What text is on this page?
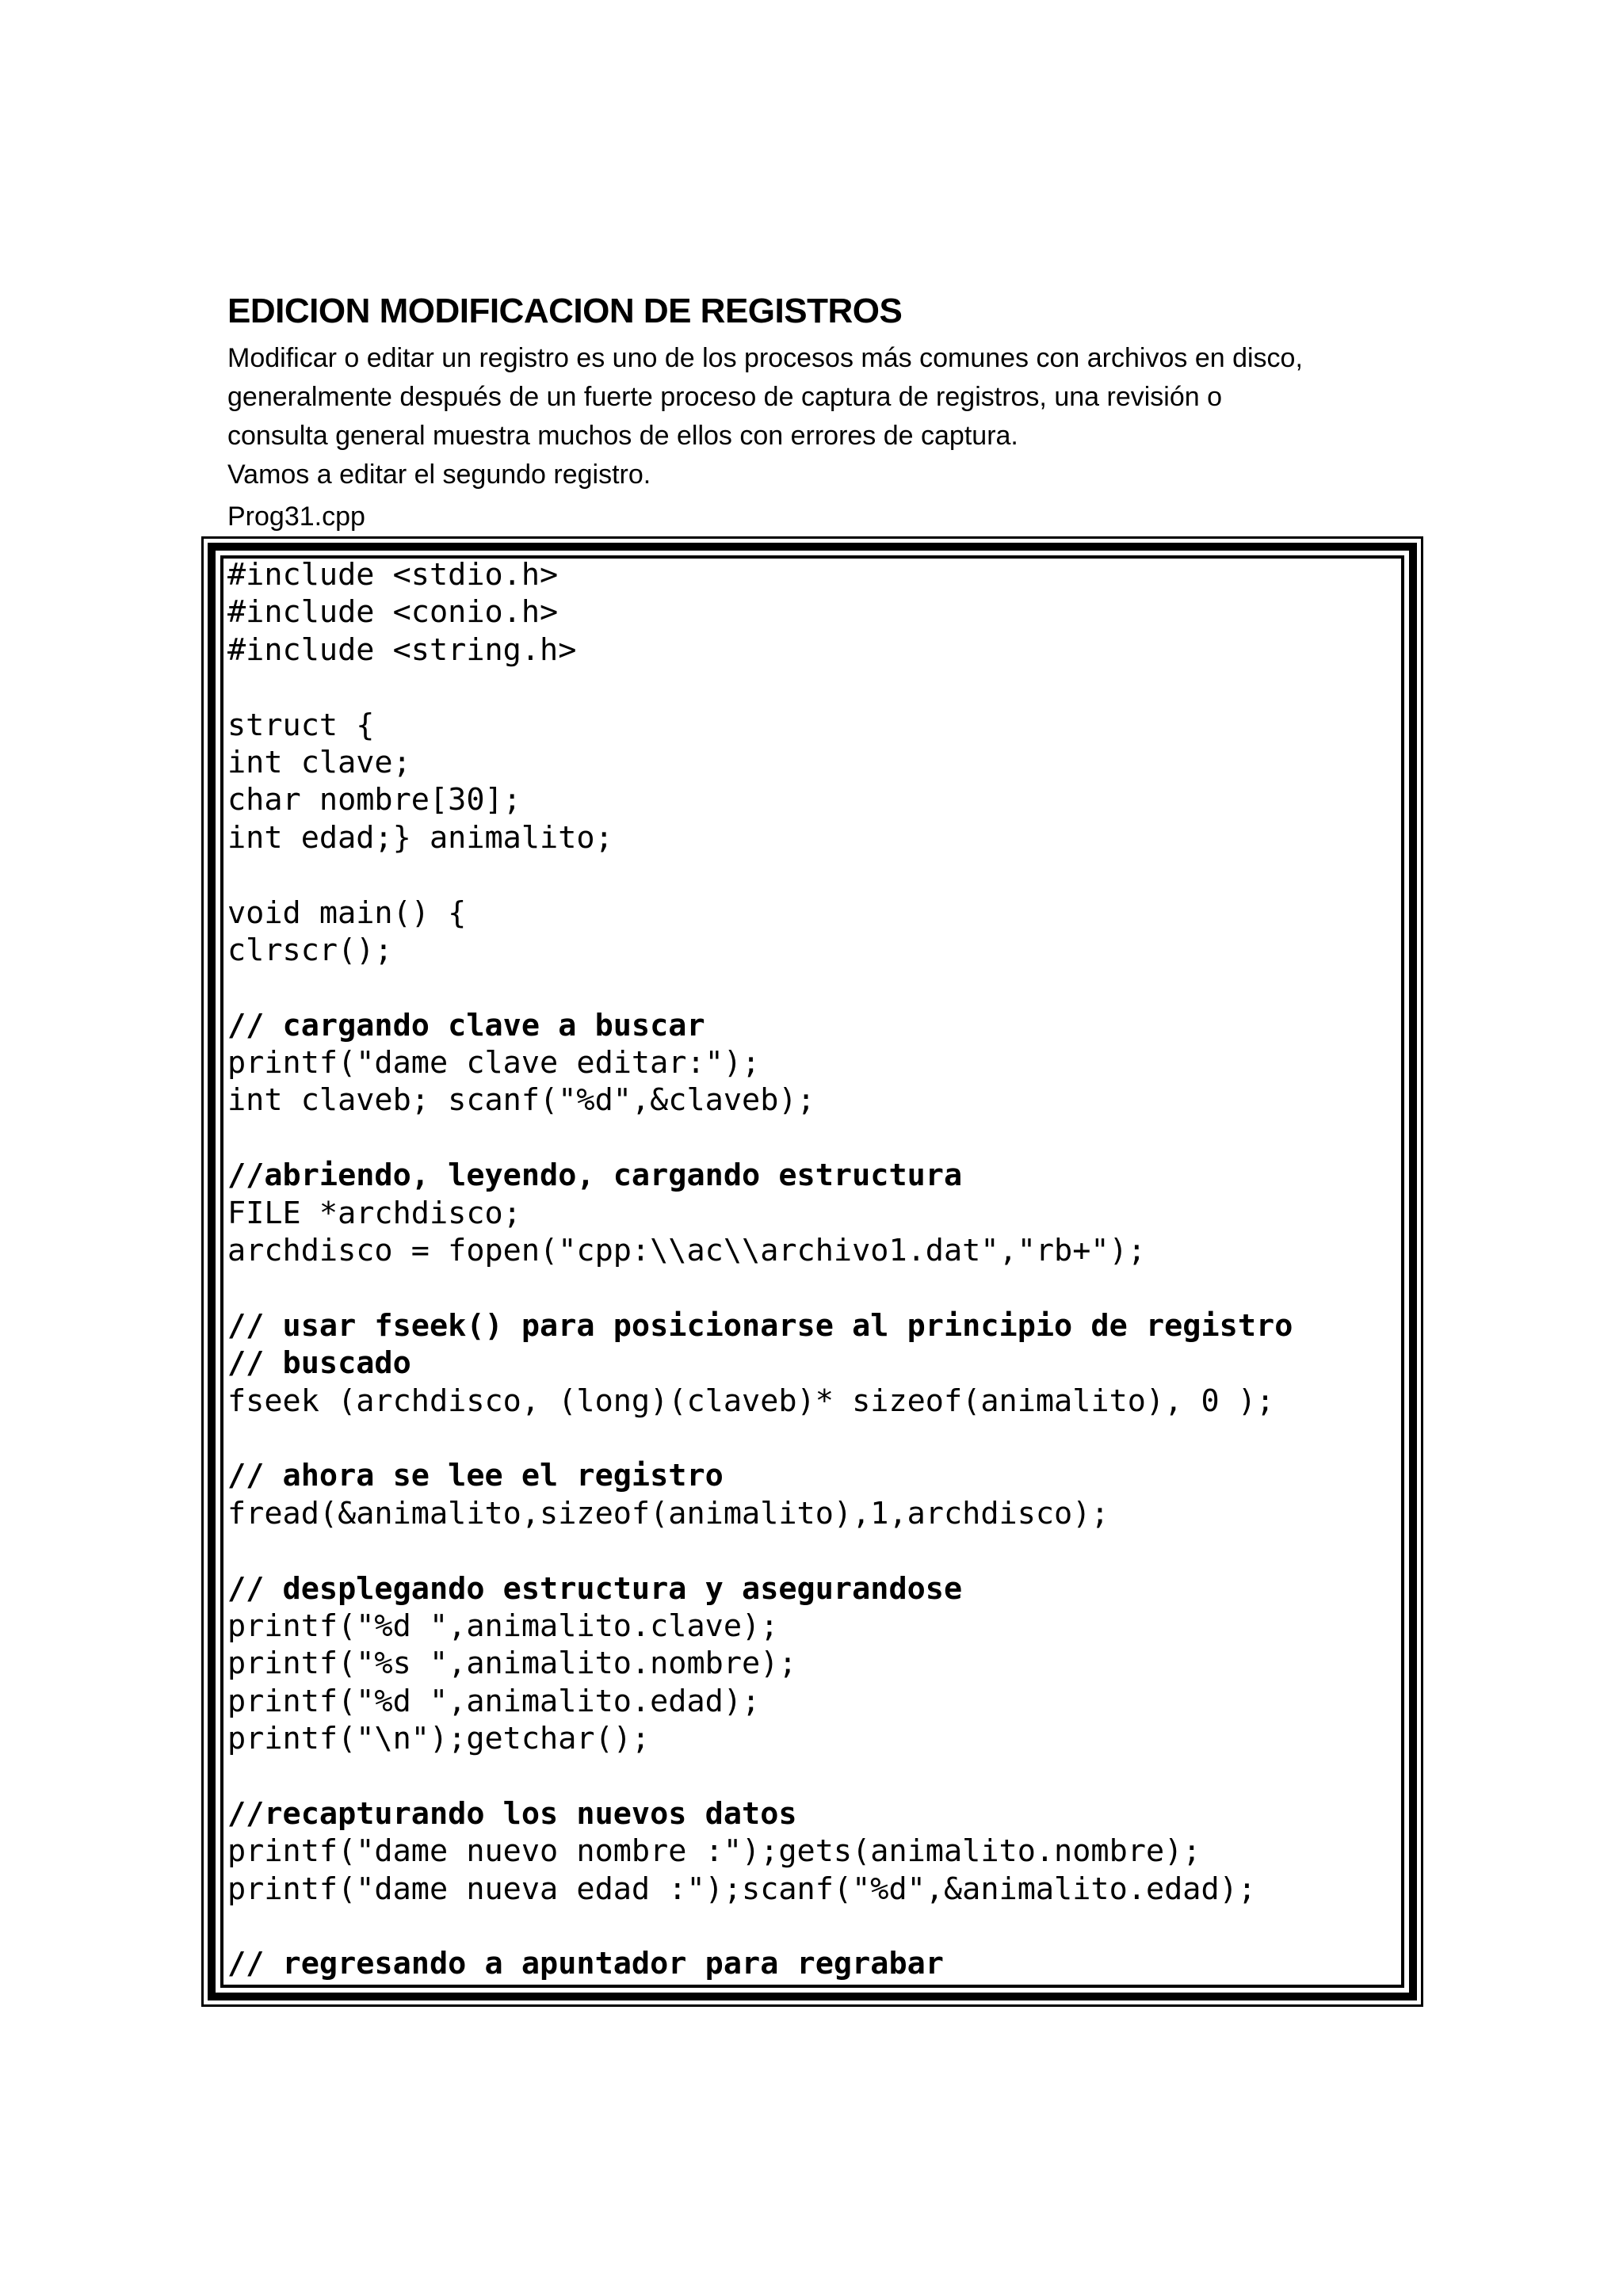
EDICION MODIFICACION DE REGISTROS

Modificar o editar un registro es uno de los procesos más comunes con archivos en disco,
generalmente después de un fuerte proceso de captura de registros, una revisión o
consulta general muestra muchos de ellos con errores de captura.
Vamos a editar el segundo registro.

Prog31.cpp
#include <stdio.h>
#include <conio.h>
#include <string.h>
struct {
int clave;
char nombre[30];
int edad;} animalito;
void main() {
clrscr();
// cargando clave a buscar
printf("dame clave editar:");
int claveb; scanf("%d",&claveb);
//abriendo, leyendo, cargando estructura
FILE *archdisco;
archdisco = fopen("cpp:\\ac\\archivo1.dat","rb+");
// usar fseek() para posicionarse al principio de registro
// buscado
fseek (archdisco, (long)(claveb)* sizeof(animalito), 0 );
// ahora se lee el registro
fread(&animalito,sizeof(animalito),1,archdisco);
// desplegando estructura y asegurandose
printf("%d ",animalito.clave);
printf("%s ",animalito.nombre);
printf("%d ",animalito.edad);
printf("\n");getchar();
//recapturando los nuevos datos
printf("dame nuevo nombre :");gets(animalito.nombre);
printf("dame nueva edad :");scanf("%d",&animalito.edad);
// regresando a apuntador para regrabar
